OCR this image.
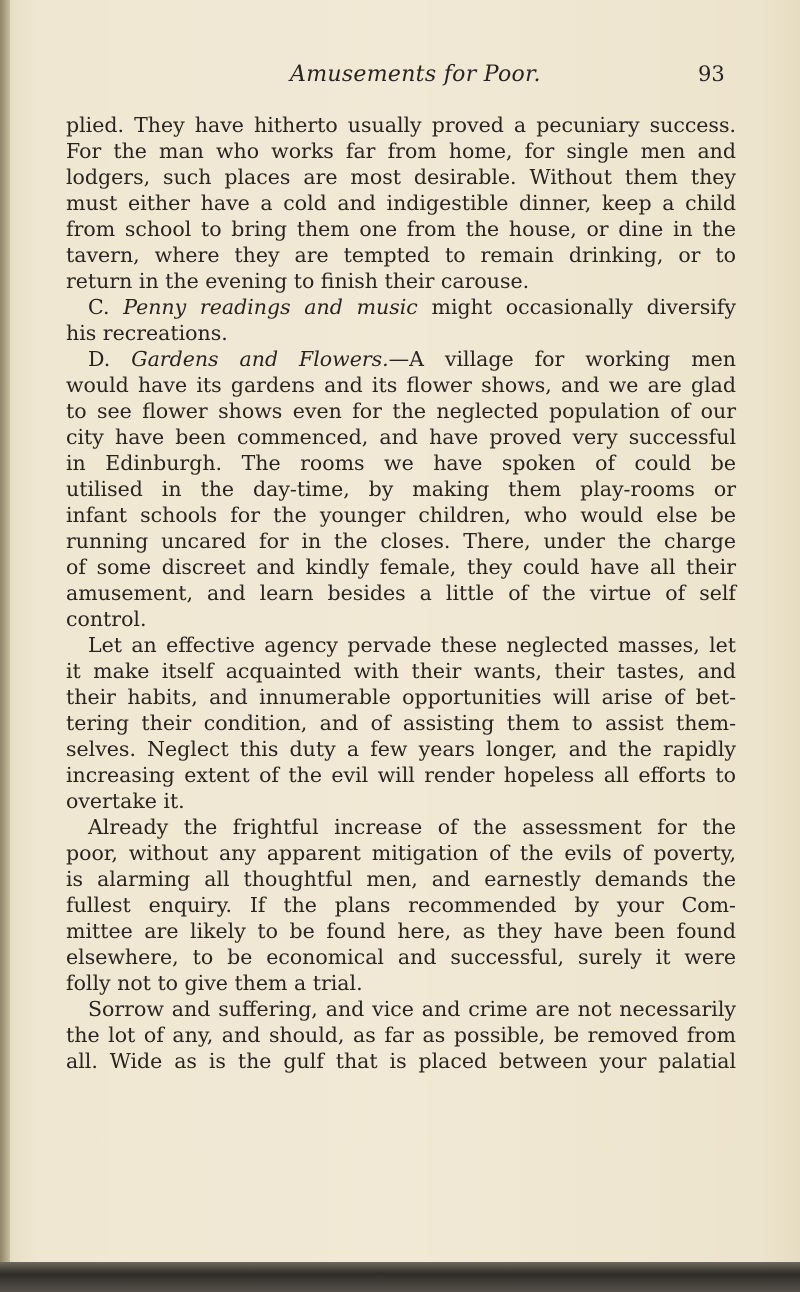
Amusements for Poor.	93
plied. They have hitherto usually proved a pecuniary success.
For the man who works far from home, for single men and
lodgers, such places are most desirable. Without them they
must either have a cold and indigestible dinner, keep a child
from school to bring them one from the house, or dine in the
tavern, where they are tempted to remain drinking, or to
return in the evening to finish their carouse.
C. Penny readings and music might occasionally diversify
his recreations.
D. Gardens and Flowers.—A village for working men
would have its gardens and its flower shows, and we are glad
to see flower shows even for the neglected population of our
city have been commenced, and have proved very successful
in Edinburgh. The rooms we have spoken of could be
utilised in the day-time, by making them play-rooms or
infant schools for the younger children, who would else be
running uncared for in the closes. There, under the charge
of some discreet and kindly female, they could have all their
amusement, and learn besides a little of the virtue of self
control.
Let an effective agency pervade these neglected masses, let
it make itself acquainted with their wants, their tastes, and
their habits, and innumerable opportunities will arise of bet-
tering their condition, and of assisting them to assist them-
selves. Neglect this duty a few years longer, and the rapidly
increasing extent of the evil will render hopeless all efforts to
overtake it.
Already the frightful increase of the assessment for the
poor, without any apparent mitigation of the evils of poverty,
is alarming all thoughtful men, and earnestly demands the
fullest enquiry. If the plans recommended by your Com-
mittee are likely to be found here, as they have been found
elsewhere, to be economical and successful, surely it were
folly not to give them a trial.
Sorrow and suffering, and vice and crime are not necessarily
the lot of any, and should, as far as possible, be removed from
all. Wide as is the gulf that is placed between your palatial
